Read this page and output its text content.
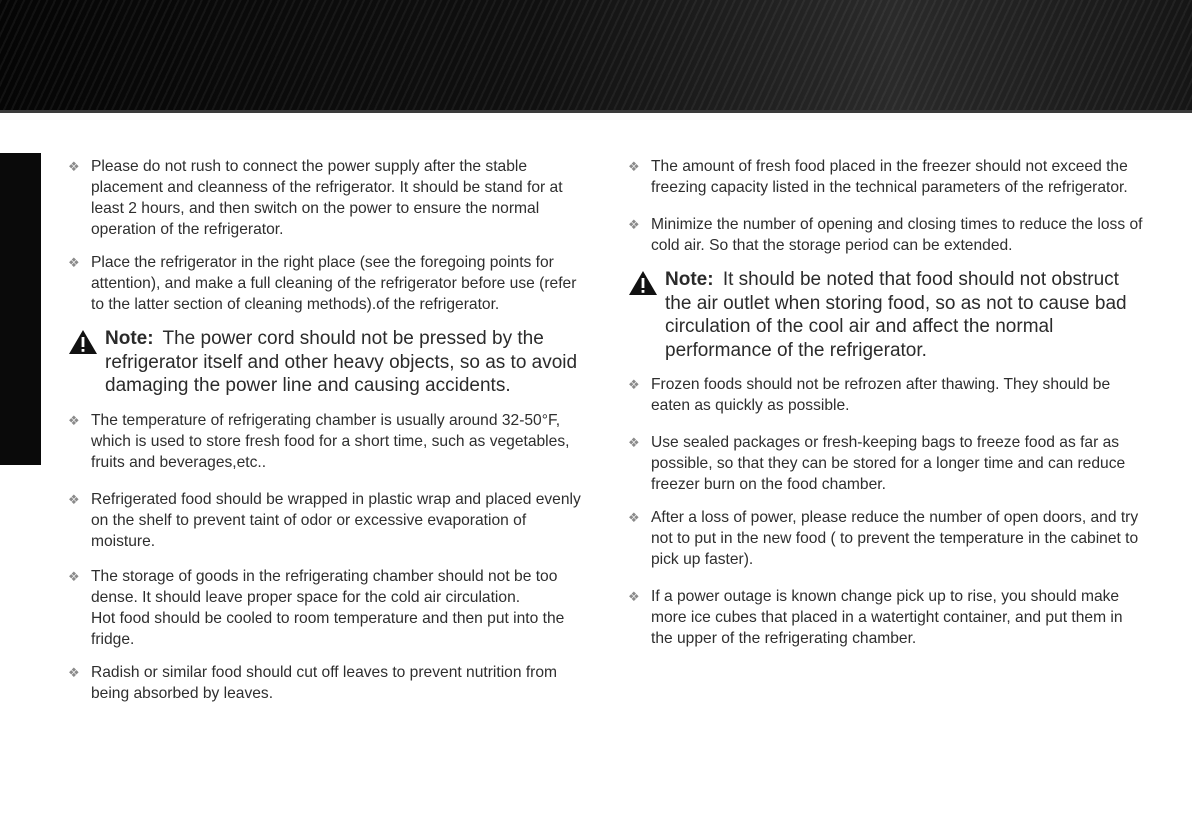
❖ Please do not rush to connect the power supply after the stable placement and cleanness of the refrigerator. It should be stand for at least 2 hours, and then switch on the power to ensure the normal operation of the refrigerator.
❖ Place the refrigerator in the right place (see the foregoing points for attention), and make a full cleaning of the refrigerator before use (refer to the latter section of cleaning methods).of the refrigerator.
Note: The power cord should not be pressed by the refrigerator itself and other heavy objects, so as to avoid damaging the power line and causing accidents.
❖ The temperature of refrigerating chamber is usually around 32-50°F, which is used to store fresh food for a short time, such as vegetables, fruits and beverages,etc..
❖ Refrigerated food should be wrapped in plastic wrap and placed evenly on the shelf to prevent taint of odor or excessive evaporation of moisture.
❖ The storage of goods in the refrigerating chamber should not be too dense. It should leave proper space for the cold air circulation.
Hot food should be cooled to room temperature and then put into the fridge.
❖ Radish or similar food should cut off leaves to prevent nutrition from being absorbed by leaves.
❖ The amount of fresh food placed in the freezer should not exceed the freezing capacity listed in the technical parameters of the refrigerator.
❖ Minimize the number of opening and closing times to reduce the loss of cold air. So that the storage period can be extended.
Note: It should be noted that food should not obstruct the air outlet when storing food, so as not to cause bad circulation of the cool air and affect the normal performance of the refrigerator.
❖ Frozen foods should not be refrozen after thawing. They should be eaten as quickly as possible.
❖ Use sealed packages or fresh-keeping bags to freeze food as far as possible, so that they can be stored for a longer time and can reduce freezer burn on the food chamber.
❖ After a loss of power, please reduce the number of open doors, and try not to put in the new food ( to prevent the temperature in the cabinet to pick up faster).
❖ If a power outage is known change pick up to rise, you should make more ice cubes that placed in a watertight container, and put them in the upper of the refrigerating chamber.
